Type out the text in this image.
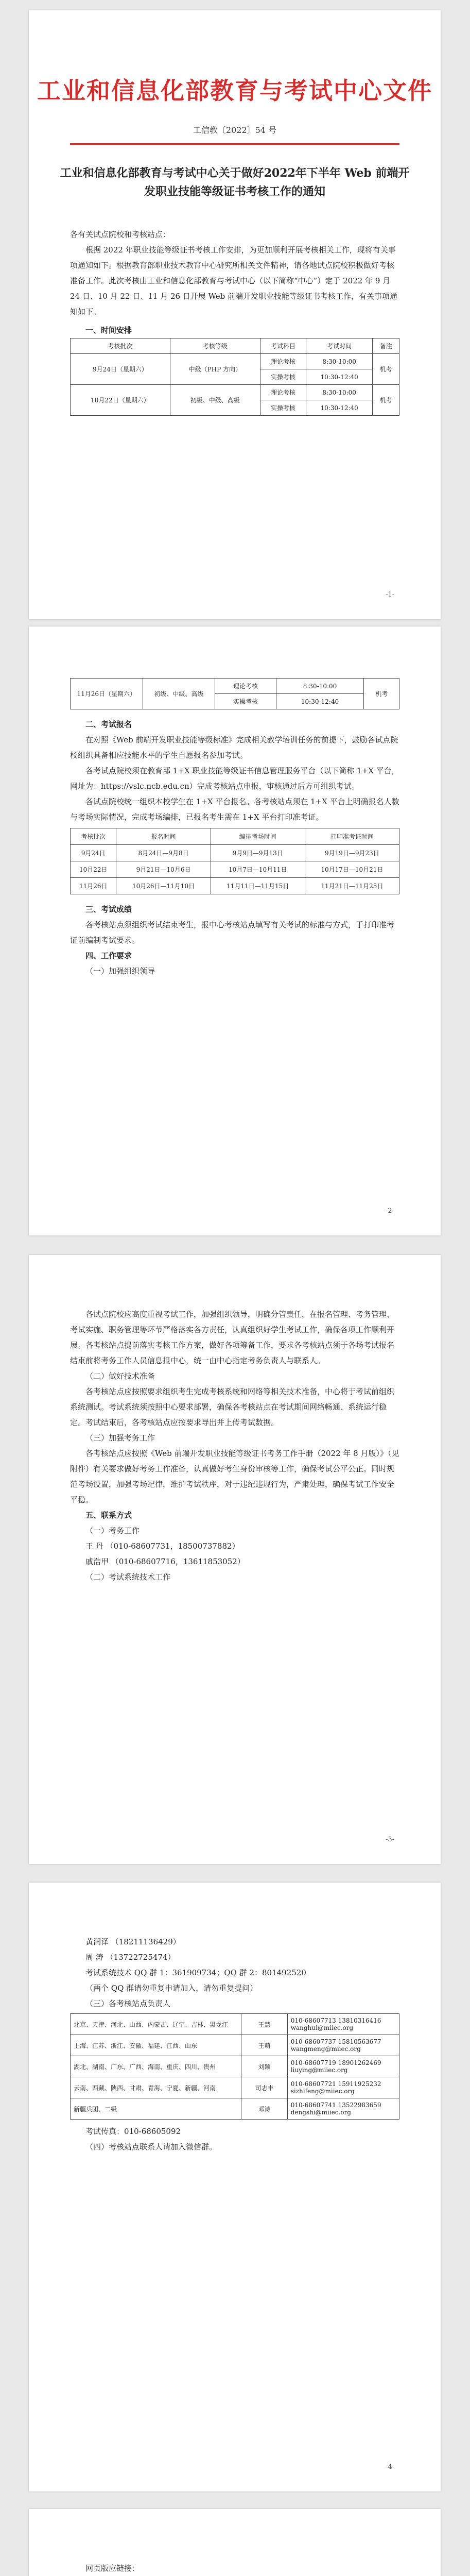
工业和信息化部教育与考试中心文件
工信教〔2022〕54 号
工业和信息化部教育与考试中心关于做好2022年下半年 Web 前端开发职业技能等级证书考核工作的通知

各有关试点院校和考核站点：

根据 2022 年职业技能等级证书考核工作安排，为更加顺利开展考核相关工作，现将有关事项通知如下。根据教育部职业技术教育中心研究所相关文件精神，请各地试点院校积极做好考核准备工作。此次考核由工业和信息化部教育与考试中心（以下简称“中心”）定于 2022 年 9 月 24 日、10 月 22 日、11 月 26 日开展 Web 前端开发职业技能等级证书考核工作，有关事项通知如下。

一、时间安排

考核批次	考核等级	考试科目	考试时间	备注
9月24日（星期六）	中级（PHP 方向）	理论考核	8:30-10:00	机考
		实操考核	10:30-12:40	
10月22日（星期六）	初级、中级、高级	理论考核	8:30-10:00	机考
		实操考核	10:30-12:40	
-1-
11月26日（星期六）	初级、中级、高级	理论考核	8:30-10:00	机考
		实操考核	10:30-12:40	

二、考试报名

在对照《Web 前端开发职业技能等级标准》完成相关教学培训任务的前提下，鼓励各试点院校组织具备相应技能水平的学生自愿报名参加考试。

各考试点院校须在教育部 1+X 职业技能等级证书信息管理服务平台（以下简称 1+X 平台，网址为：https://vslc.ncb.edu.cn）完成考核站点申报，审核通过后方可组织考试。

各试点院校统一组织本校学生在 1+X 平台报名。各考核站点须在 1+X 平台上明确报名人数与考场实际情况，完成考场编排，已报名考生需在 1+X 平台打印准考证。

考核批次	报名时间	编排考场时间	打印准考证时间
9月24日	8月24日—9月8日	9月9日—9月13日	9月19日—9月23日
10月22日	9月21日—10月6日	10月7日—10月11日	10月17日—10月21日
11月26日	10月26日—11月10日	11月11日—11月15日	11月21日—11月25日

三、考试成绩

各考核站点须组织考试结束考生，报中心考核站点填写有关考试的标准与方式，于打印准考证前编制考试要求。

四、工作要求

（一）加强组织领导

-2-

各试点院校应高度重视考试工作，加强组织领导，明确分管责任，在报名管理、考务管理、考试实施、职务管理等环节严格落实各方责任，认真组织好学生考试工作，确保各项工作顺利开展。各考核站点提前落实考核工作方案，做好各项筹备工作，要求各考核站点须于各场考试报名结束前将考务工作人员信息报中心，统一由中心指定考务负责人与联系人。

（二）做好技术准备

各考核站点应按照要求组织考生完成考核系统和网络等相关技术准备，中心将于考试前组织系统测试。考试系统须按照中心要求部署，确保各考核站点在考试期间网络畅通、系统运行稳定。考试结束后，各考核站点应按要求导出并上传考试数据。

（三）加强考务工作

各考核站点应按照《Web 前端开发职业技能等级证书考务工作手册（2022 年 8 月版）》（见附件）有关要求做好考务工作准备，认真做好考生身份审核等工作，确保考试公平公正。同时规范考场设置，加强考场纪律，维护考试秩序，对于违纪违规行为，严肃处理，确保考试工作安全平稳。

五、联系方式

（一）考务工作

王 丹 （010-68607731，18500737882）

戚浩甲 （010-68607716，13611853052）

（二）考试系统技术工作

-3-

黄润泽 （18211136429）

周 涛 （13722725474）

考试系统技术 QQ 群 1：361909734；QQ 群 2：801492520

（两个 QQ 群请勿重复申请加入，请勿重复提问）

（三）各考核站点负责人

北京、天津、河北、山西、内蒙古、辽宁、吉林、黑龙江	王慧	010-68607713 13810316416 wanghui@miiec.org
上海、江苏、浙江、安徽、福建、江西、山东	王萌	010-68607737 15810563677 wangmeng@miiec.org
湖北、湖南、广东、广西、海南、重庆、四川、贵州	刘颖	010-68607719 18901262469 liuying@miiec.org
云南、西藏、陕西、甘肃、青海、宁夏、新疆、河南	司志丰	010-68607721 15911925232 sizhifeng@miiec.org
新疆兵团、二级	邓诗	010-68607741 13522983659 dengshi@miiec.org

考试传真：010-68605092

（四）考核站点联系人请加入微信群。

-4-

网页版应链接：
